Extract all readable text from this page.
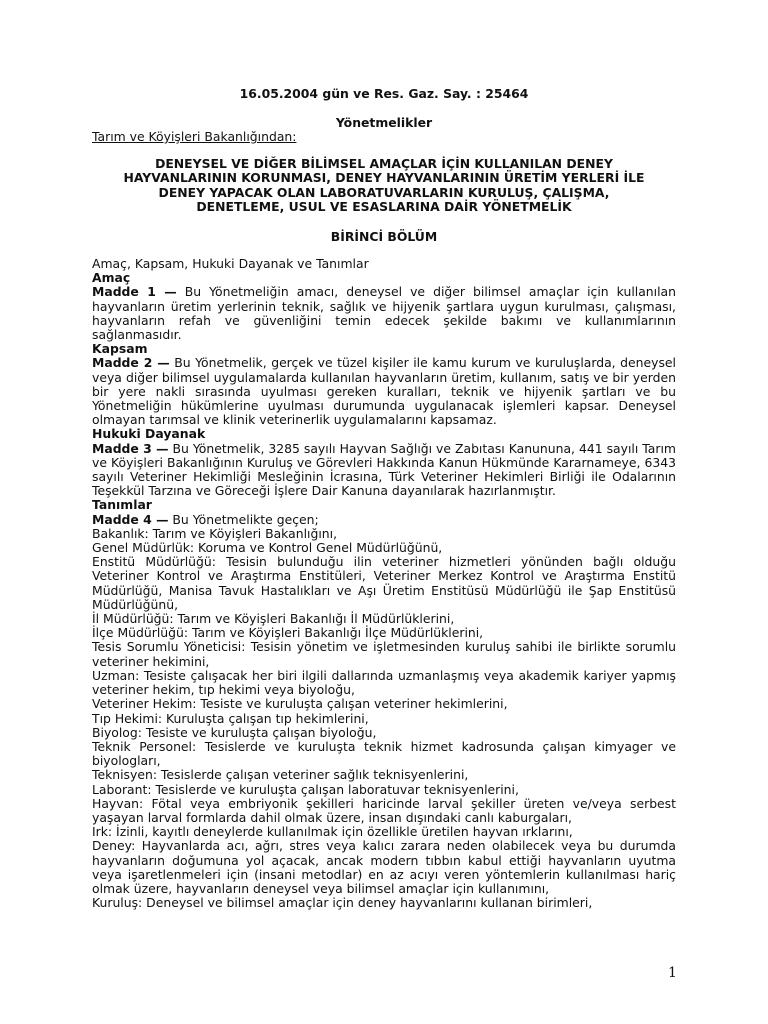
16.05.2004 gün ve Res. Gaz. Say. : 25464
Yönetmelikler
Tarım ve Köyişleri Bakanlığından:
DENEYSEL VE DİĞER BİLİMSEL AMAÇLAR İÇİN KULLANILAN DENEY
HAYVANLARININ KORUNMASI, DENEY HAYVANLARININ ÜRETİM YERLERİ İLE
DENEY YAPACAK OLAN LABORATUVARLARIN KURULUŞ, ÇALIŞMA,
DENETLEME, USUL VE ESASLARINA DAİR YÖNETMELİK
BİRİNCİ BÖLÜM

Amaç, Kapsam, Hukuki Dayanak ve Tanımlar

Amaç

Madde 1 — Bu Yönetmeliğin amacı, deneysel ve diğer bilimsel amaçlar için kullanılan hayvanların üretim yerlerinin teknik, sağlık ve hijyenik şartlara uygun kurulması, çalışması, hayvanların refah ve güvenliğini temin edecek şekilde bakımı ve kullanımlarının sağlanmasıdır.

Kapsam

Madde 2 — Bu Yönetmelik, gerçek ve tüzel kişiler ile kamu kurum ve kuruluşlarda, deneysel veya diğer bilimsel uygulamalarda kullanılan hayvanların üretim, kullanım, satış ve bir yerden bir yere nakli sırasında uyulması gereken kuralları, teknik ve hijyenik şartları ve bu Yönetmeliğin hükümlerine uyulması durumunda uygulanacak işlemleri kapsar. Deneysel olmayan tarımsal ve klinik veterinerlik uygulamalarını kapsamaz.

Hukuki Dayanak

Madde 3 — Bu Yönetmelik, 3285 sayılı Hayvan Sağlığı ve Zabıtası Kanununa, 441 sayılı Tarım ve Köyişleri Bakanlığının Kuruluş ve Görevleri Hakkında Kanun Hükmünde Kararnameye, 6343 sayılı Veteriner Hekimliği Mesleğinin İcrasına, Türk Veteriner Hekimleri Birliği ile Odalarının Teşekkül Tarzına ve Göreceği İşlere Dair Kanuna dayanılarak hazırlanmıştır.

Tanımlar

Madde 4 — Bu Yönetmelikte geçen;

Bakanlık: Tarım ve Köyişleri Bakanlığını,

Genel Müdürlük: Koruma ve Kontrol Genel Müdürlüğünü,

Enstitü Müdürlüğü: Tesisin bulunduğu ilin veteriner hizmetleri yönünden bağlı olduğu Veteriner Kontrol ve Araştırma Enstitüleri, Veteriner Merkez Kontrol ve Araştırma Enstitü Müdürlüğü, Manisa Tavuk Hastalıkları ve Aşı Üretim Enstitüsü Müdürlüğü ile Şap Enstitüsü Müdürlüğünü,

İl Müdürlüğü: Tarım ve Köyişleri Bakanlığı İl Müdürlüklerini,

İlçe Müdürlüğü: Tarım ve Köyişleri Bakanlığı İlçe Müdürlüklerini,

Tesis Sorumlu Yöneticisi: Tesisin yönetim ve işletmesinden kuruluş sahibi ile birlikte sorumlu veteriner hekimini,

Uzman: Tesiste çalışacak her biri ilgili dallarında uzmanlaşmış veya akademik kariyer yapmış veteriner hekim, tıp hekimi veya biyoloğu,

Veteriner Hekim: Tesiste ve kuruluşta çalışan veteriner hekimlerini,

Tıp Hekimi: Kuruluşta çalışan tıp hekimlerini,

Biyolog: Tesiste ve kuruluşta çalışan biyoloğu,

Teknik Personel: Tesislerde ve kuruluşta teknik hizmet kadrosunda çalışan kimyager ve biyologları,

Teknisyen: Tesislerde çalışan veteriner sağlık teknisyenlerini,

Laborant: Tesislerde ve kuruluşta çalışan laboratuvar teknisyenlerini,

Hayvan: Fötal veya embriyonik şekilleri haricinde larval şekiller üreten ve/veya serbest yaşayan larval formlarda dahil olmak üzere, insan dışındaki canlı kaburgaları,

Irk: İzinli, kayıtlı deneylerde kullanılmak için özellikle üretilen hayvan ırklarını,

Deney: Hayvanlarda acı, ağrı, stres veya kalıcı zarara neden olabilecek veya bu durumda hayvanların doğumuna yol açacak, ancak modern tıbbın kabul ettiği hayvanların uyutma veya işaretlenmeleri için (insani metodlar) en az acıyı veren yöntemlerin kullanılması hariç olmak üzere, hayvanların deneysel veya bilimsel amaçlar için kullanımını,

Kuruluş: Deneysel ve bilimsel amaçlar için deney hayvanlarını kullanan birimleri,

1
